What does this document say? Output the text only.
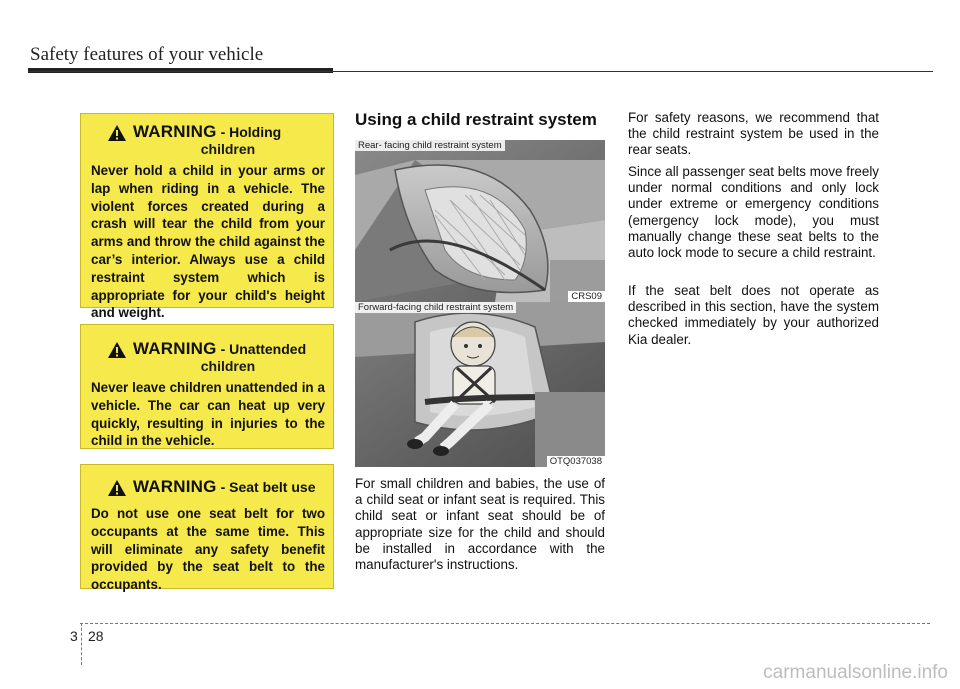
Safety features of your vehicle
WARNING - Holding
children
Never hold a child in your arms or lap when riding in a vehicle. The violent forces created during a crash will tear the child from your arms and throw the child against the car’s interior. Always use a child restraint system which is appropriate for your child's height and weight.
WARNING - Unattended
children
Never leave children unattended in a vehicle. The car can heat up very quickly, resulting in injuries to the child in the vehicle.
WARNING - Seat belt use
Do not use one seat belt for two occupants at the same time. This will eliminate any safety benefit provided by the seat belt to the occupants.
Using a child restraint system
Rear- facing child restraint system
CRS09
Forward-facing child restraint system
OTQ037038
For small children and babies, the use of a child seat or infant seat is required. This child seat or infant seat should be of appropriate size for the child and should be installed in accordance with the manufacturer's instructions.
For safety reasons, we recommend that the child restraint system be used in the rear seats.
Since all passenger seat belts move freely under normal conditions and only lock under extreme or emergency conditions (emergency lock mode), you must manually change these seat belts to the auto lock mode to secure a child restraint.
If the seat belt does not operate as described in this section, have the system checked immediately by your authorized Kia dealer.
3 28
carmanualsonline.info
